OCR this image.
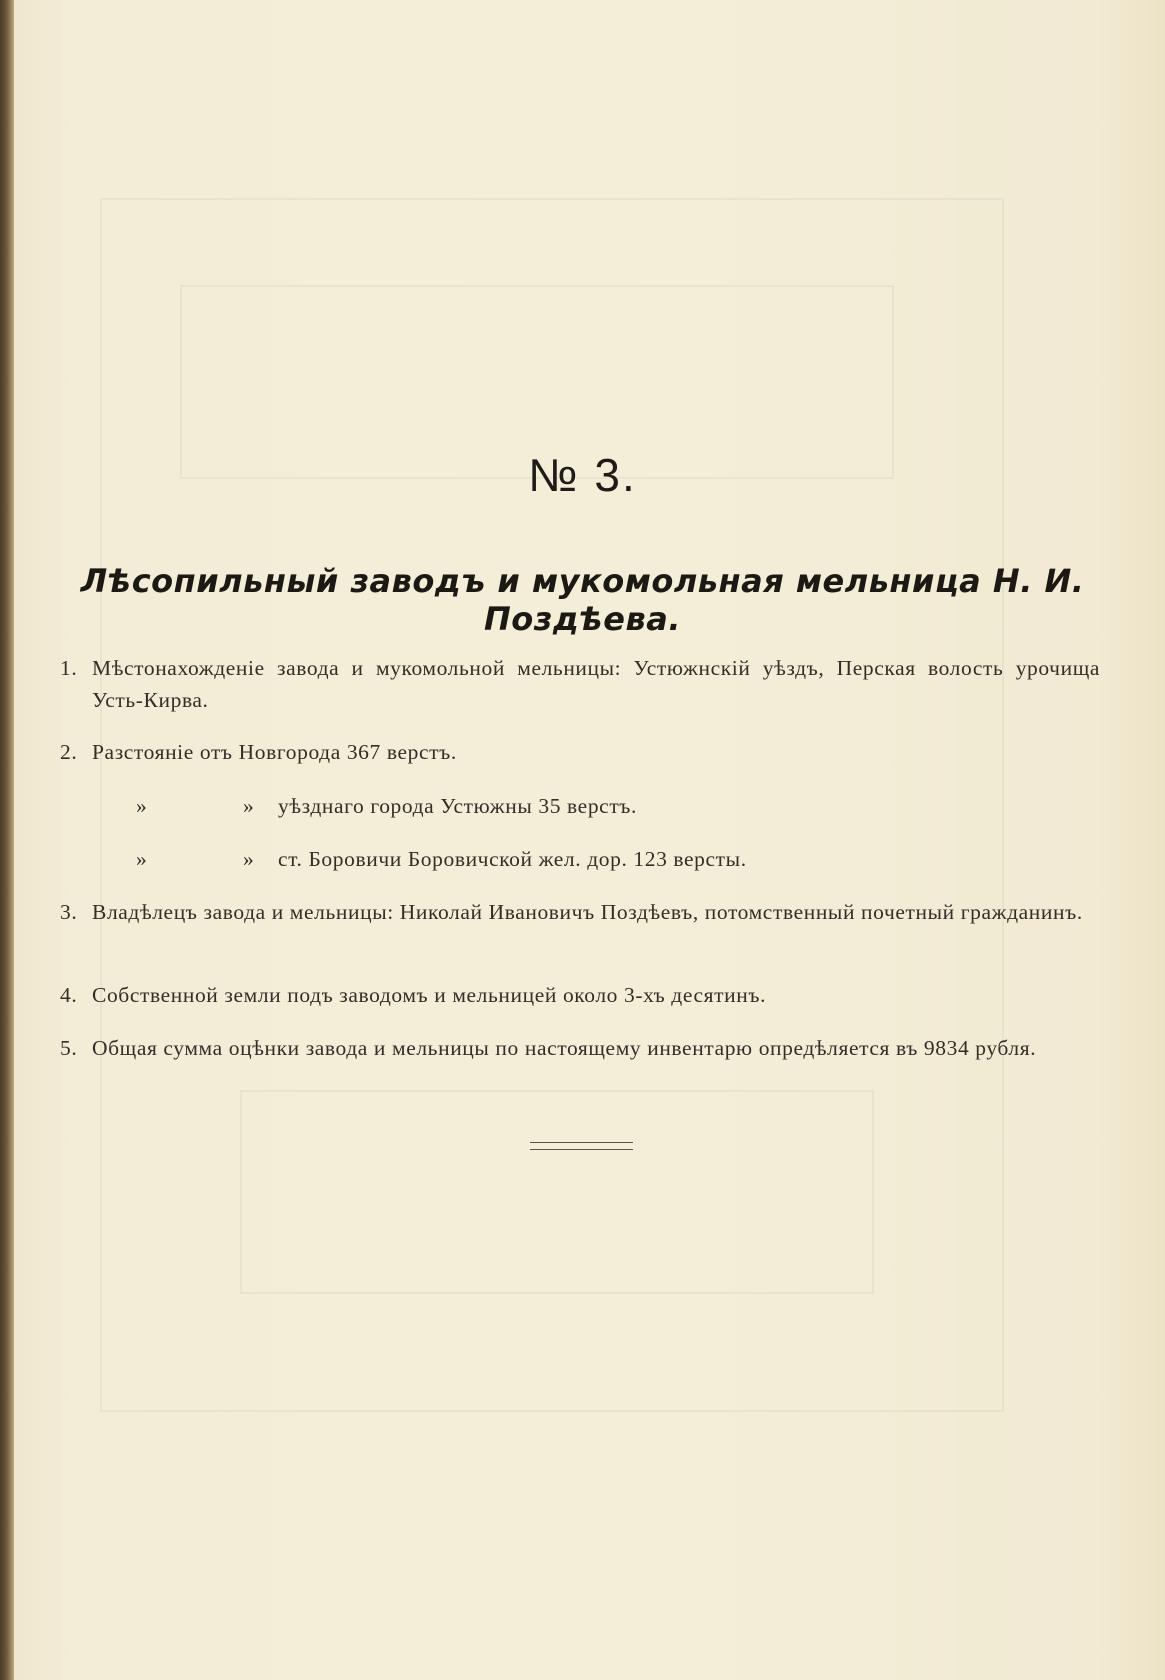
№ 3.
Лѣсопильный заводъ и мукомольная мельница Н. И. Поздѣева.
1. Мѣстонахожденіе завода и мукомольной мельницы: Устюжнскій уѣздъ, Перская волость урочища Усть-Кирва.
2. Разстояніе отъ Новгорода 367 верстъ.
»	» уѣзднаго города Устюжны 35 верстъ.
»	» ст. Боровичи Боровичской жел. дор. 123 версты.
3. Владѣлецъ завода и мельницы: Николай Ивановичъ Поздѣевъ, потомственный почетный гражданинъ.
4. Собственной земли подъ заводомъ и мельницей около 3-хъ десятинъ.
5. Общая сумма оцѣнки завода и мельницы по настоящему инвентарю опредѣляется въ 9834 рубля.
